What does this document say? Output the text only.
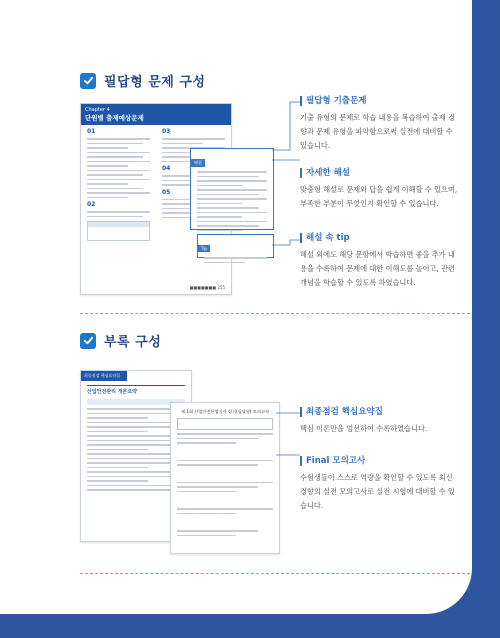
필답형 문제 구성
Chapter 4
단원별 출제예상문제
01
02
03
04
05
■■■■■■■ 255
해설
Tip
필답형 기출문제
기출 유형의 문제로 학습 내용을 복습하여 출제 경향과 문제 유형을 파악함으로써 실전에 대비할 수 있습니다.
자세한 해설
맞춤형 해설로 문제와 답을 쉽게 이해할 수 있으며, 부족한 부분이 무엇인지 확인할 수 있습니다.
해설 속 tip
해설 외에도 해당 문항에서 학습하면 좋을 추가 내용을 수록하여 문제에 대한 이해도를 높이고, 관련 개념을 학습할 수 있도록 하였습니다.
부록 구성
최종점검 핵심요약집
산업안전관리 개론요약
제 1회 산업안전산업기사 실기(필답형) 모의고사	최종점검 핵심요약집
핵심 이론만을 엄선하여 수록하였습니다.
Final 모의고사
수험생들이 스스로 역량을 확인할 수 있도록 최신 경향의 실전 모의고사로 실전 시험에 대비할 수 있습니다.
